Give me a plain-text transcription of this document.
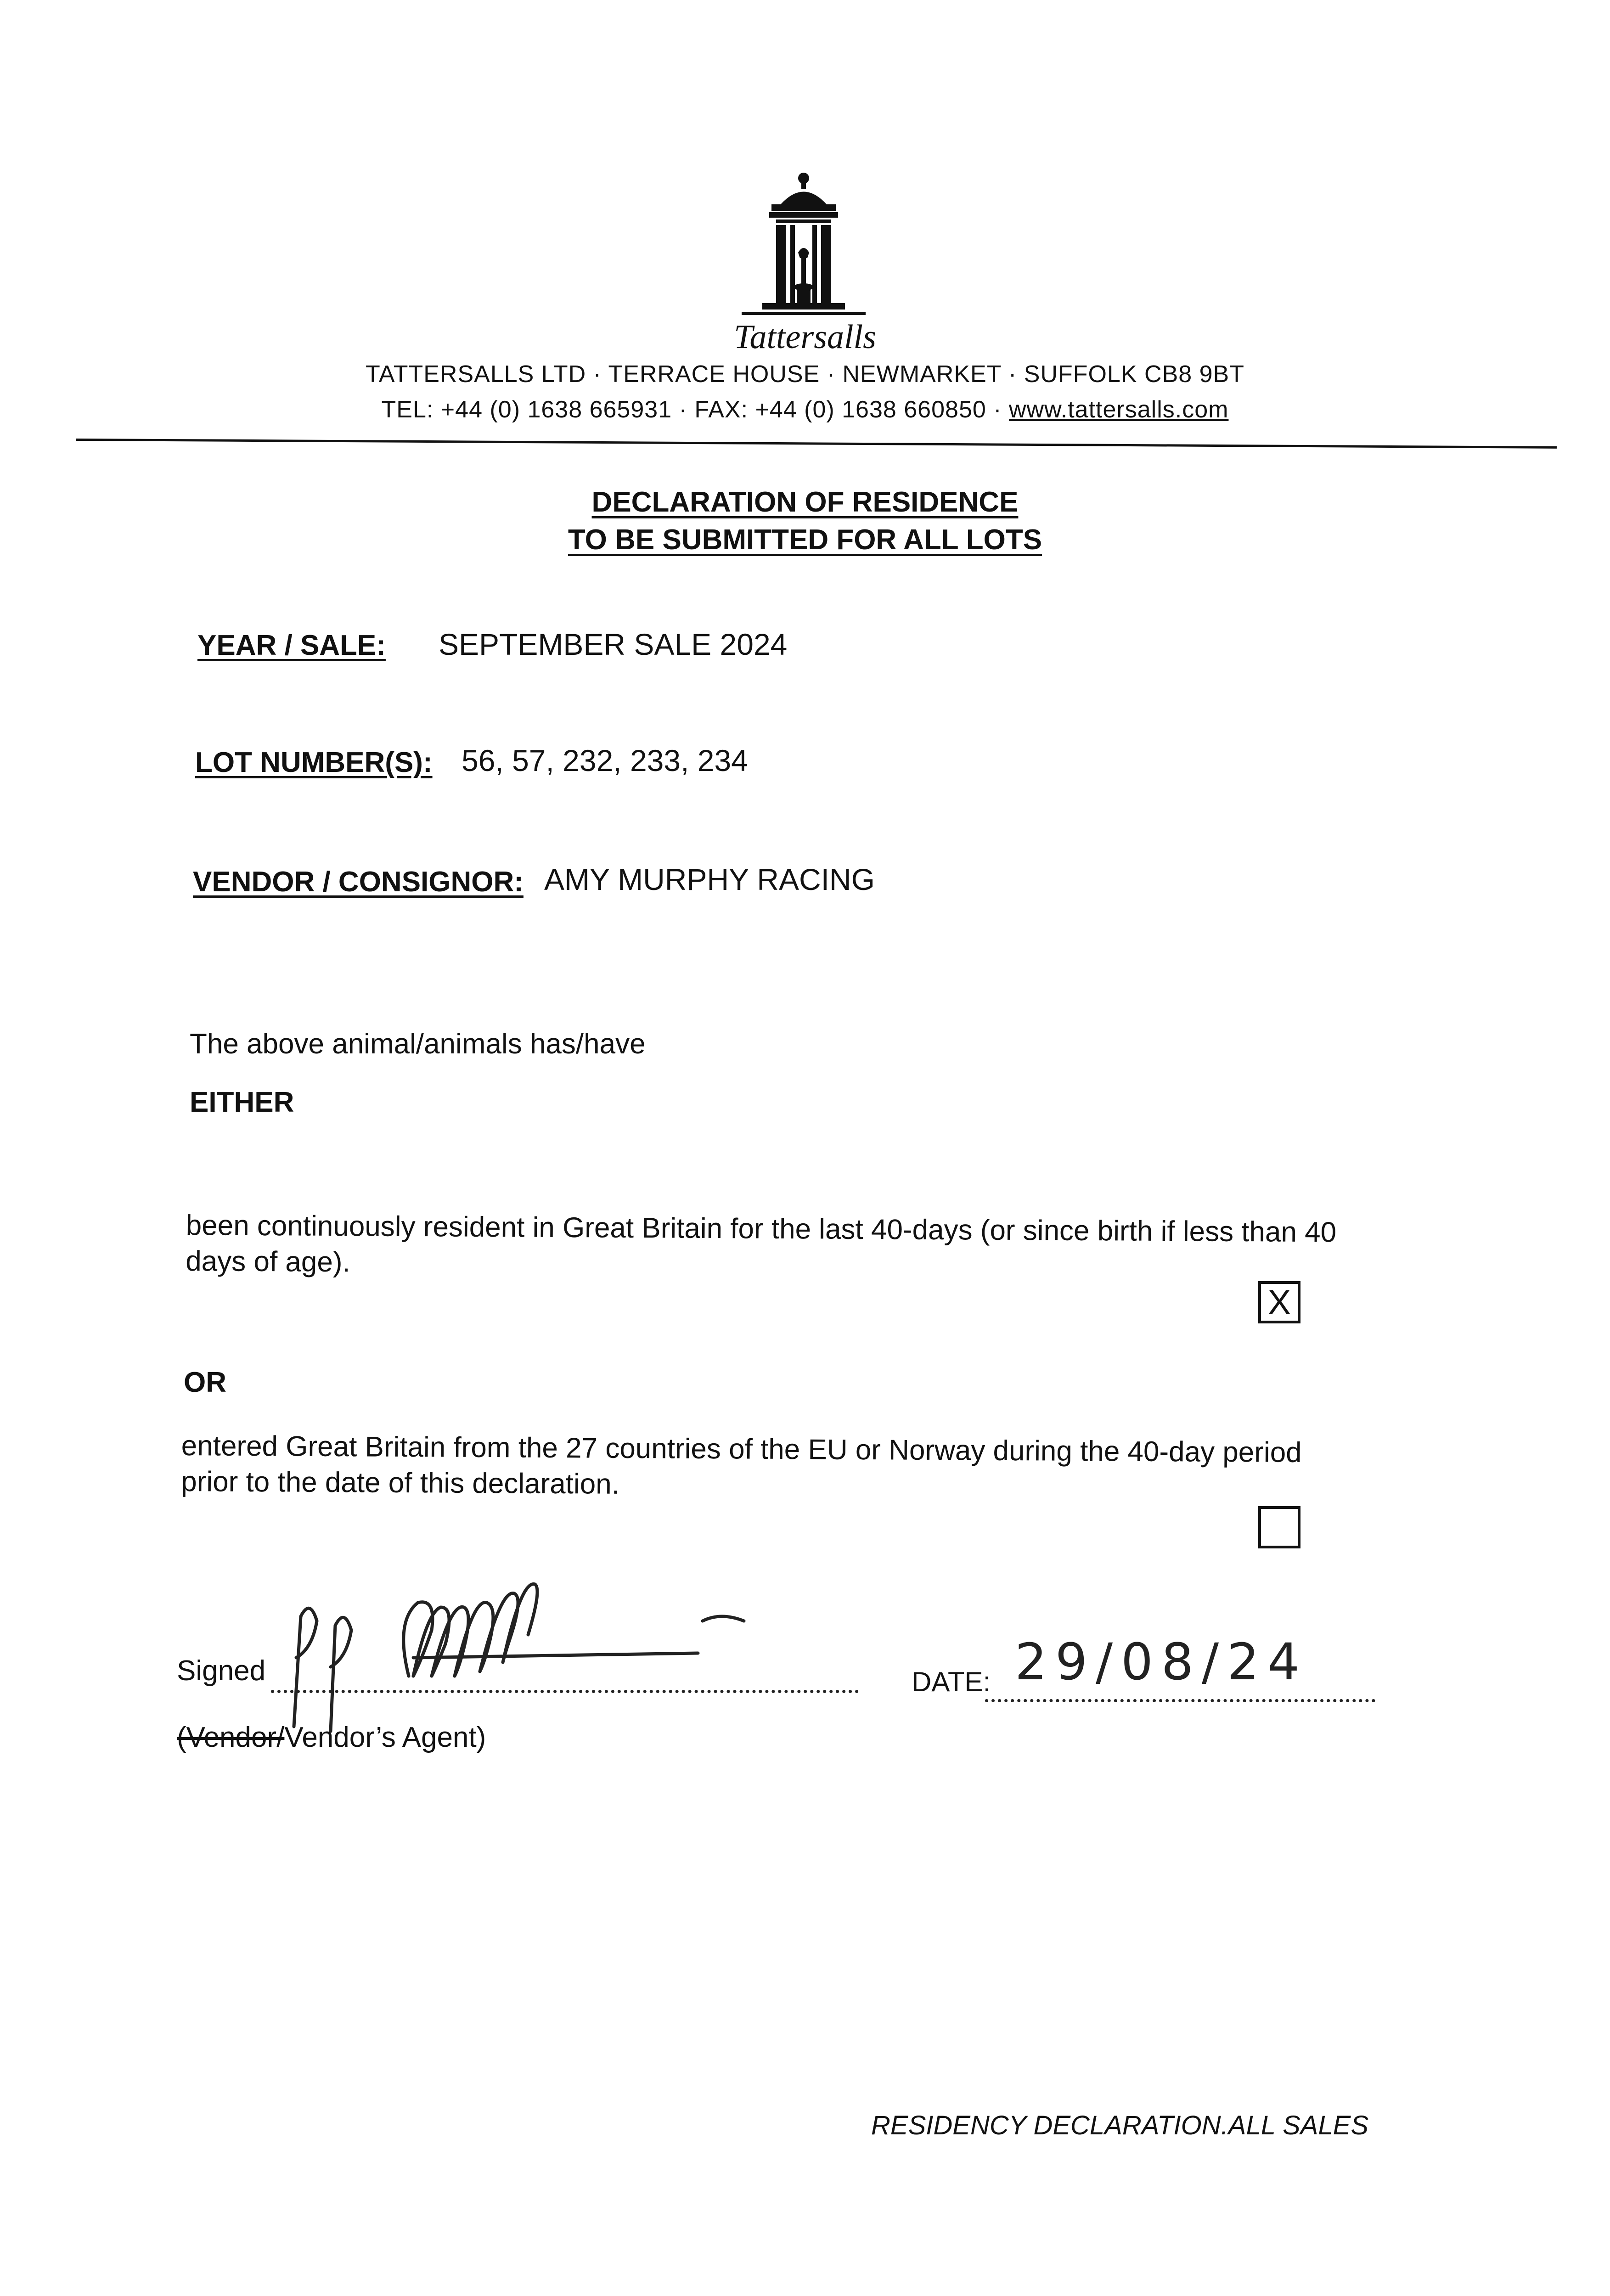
Tattersalls
TATTERSALLS LTD · TERRACE HOUSE · NEWMARKET · SUFFOLK CB8 9BT
TEL: +44 (0) 1638 665931 · FAX: +44 (0) 1638 660850 · www.tattersalls.com
DECLARATION OF RESIDENCE
TO BE SUBMITTED FOR ALL LOTS
YEAR / SALE: SEPTEMBER SALE 2024
LOT NUMBER(S): 56, 57, 232, 233, 234
VENDOR / CONSIGNOR: AMY MURPHY RACING
The above animal/animals has/have
EITHER
been continuously resident in Great Britain for the last 40-days (or since birth if less than 40
days of age).
X
OR
entered Great Britain from the 27 countries of the EU or Norway during the 40-day period
prior to the date of this declaration.
Signed	DATE: 29/08/24
(Vendor/Vendor’s Agent)
RESIDENCY DECLARATION.ALL SALES
